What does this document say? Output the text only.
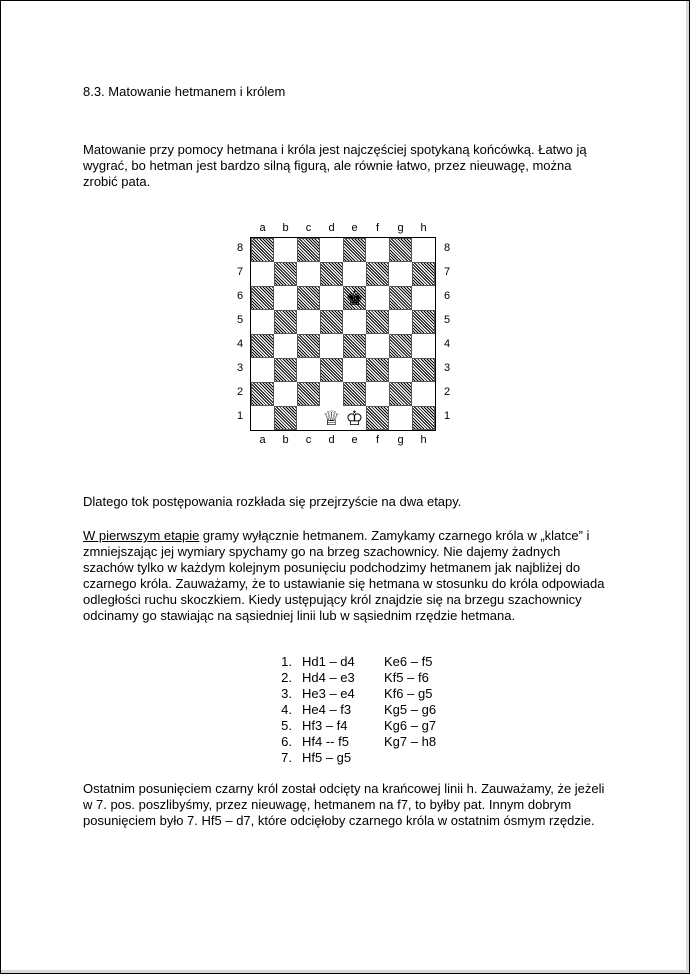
8.3. Matowanie hetmanem i królem
Matowanie przy pomocy hetmana i króla jest najczęściej spotykaną końcówką. Łatwo ją wygrać, bo hetman jest bardzo silną figurą, ale równie łatwo, przez nieuwagę, można zrobić pata.
♚
♕ ♔
a
a
b
b
c
c
d
d
e
e
f
f
g
g
h
h
8	8
7	7
6	6
5	5
4	4
3	3
2	2
1	1
Dlatego tok postępowania rozkłada się przejrzyście na dwa etapy.
W pierwszym etapie gramy wyłącznie hetmanem. Zamykamy czarnego króla w „klatce” i zmniejszając jej wymiary spychamy go na brzeg szachownicy. Nie dajemy żadnych szachów tylko w każdym kolejnym posunięciu podchodzimy hetmanem jak najbliżej do czarnego króla. Zauważamy, że to ustawianie się hetmana w stosunku do króla odpowiada odległości ruchu skoczkiem. Kiedy ustępujący król znajdzie się na brzegu szachownicy odcinamy go stawiając na sąsiedniej linii lub w sąsiednim rzędzie hetmana.
1. Hd1 – d4	Ke6 – f5
2. Hd4 – e3	Kf5 – f6
3. He3 – e4	Kf6 – g5
4. He4 – f3	Kg5 – g6
5. Hf3 – f4	Kg6 – g7
6. Hf4 -- f5	Kg7 – h8
7. Hf5 – g5
Ostatnim posunięciem czarny król został odcięty na krańcowej linii h. Zauważamy, że jeżeli w 7. pos. poszlibyśmy, przez nieuwagę, hetmanem na f7, to byłby pat. Innym dobrym posunięciem było 7. Hf5 – d7, które odcięłoby czarnego króla w ostatnim ósmym rzędzie.
